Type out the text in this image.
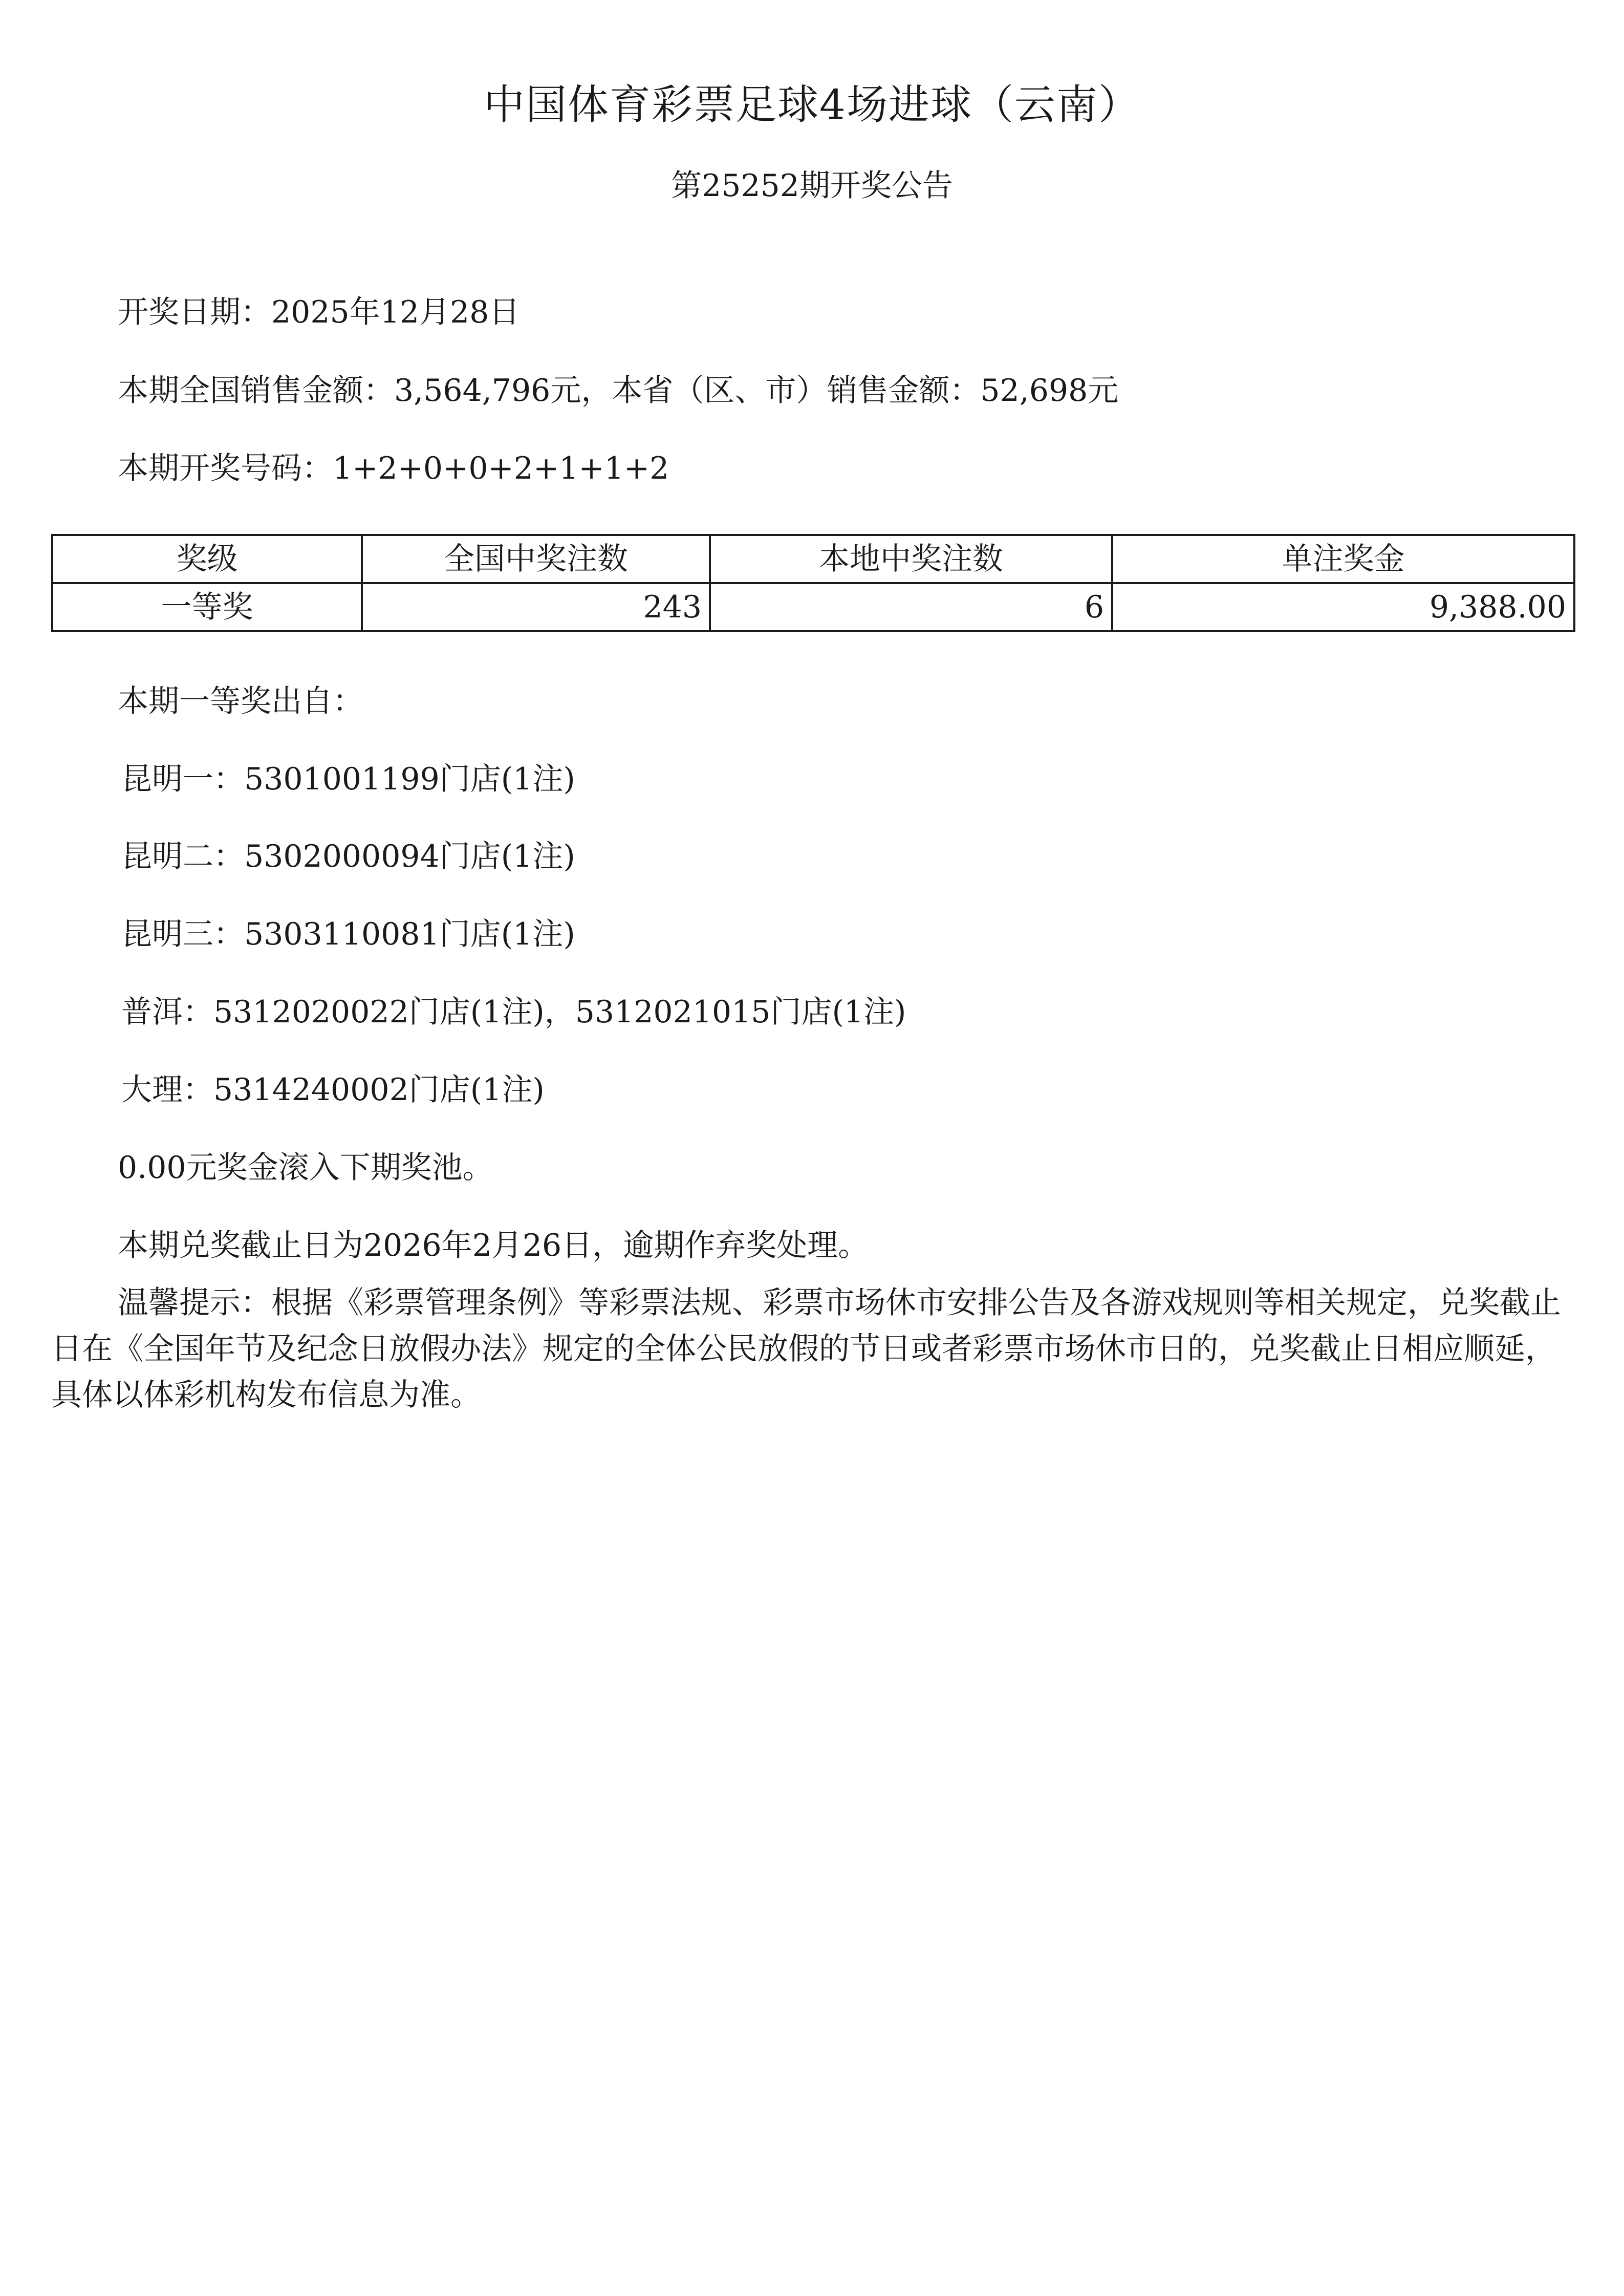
中国体育彩票足球4场进球（云南）
第25252期开奖公告
开奖日期：2025年12月28日
本期全国销售金额：3,564,796元，本省（区、市）销售金额：52,698元
本期开奖号码：1+2+0+0+2+1+1+2
奖级	全国中奖注数	本地中奖注数	单注奖金
一等奖	243	6	9,388.00
本期一等奖出自：
昆明一：5301001199门店(1注)
昆明二：5302000094门店(1注)
昆明三：5303110081门店(1注)
普洱：5312020022门店(1注)，5312021015门店(1注)
大理：5314240002门店(1注)
0.00元奖金滚入下期奖池。
本期兑奖截止日为2026年2月26日，逾期作弃奖处理。
温馨提示：根据《彩票管理条例》等彩票法规、彩票市场休市安排公告及各游戏规则等相关规定，兑奖截止日在《全国年节及纪念日放假办法》规定的全体公民放假的节日或者彩票市场休市日的，兑奖截止日相应顺延，具体以体彩机构发布信息为准。
